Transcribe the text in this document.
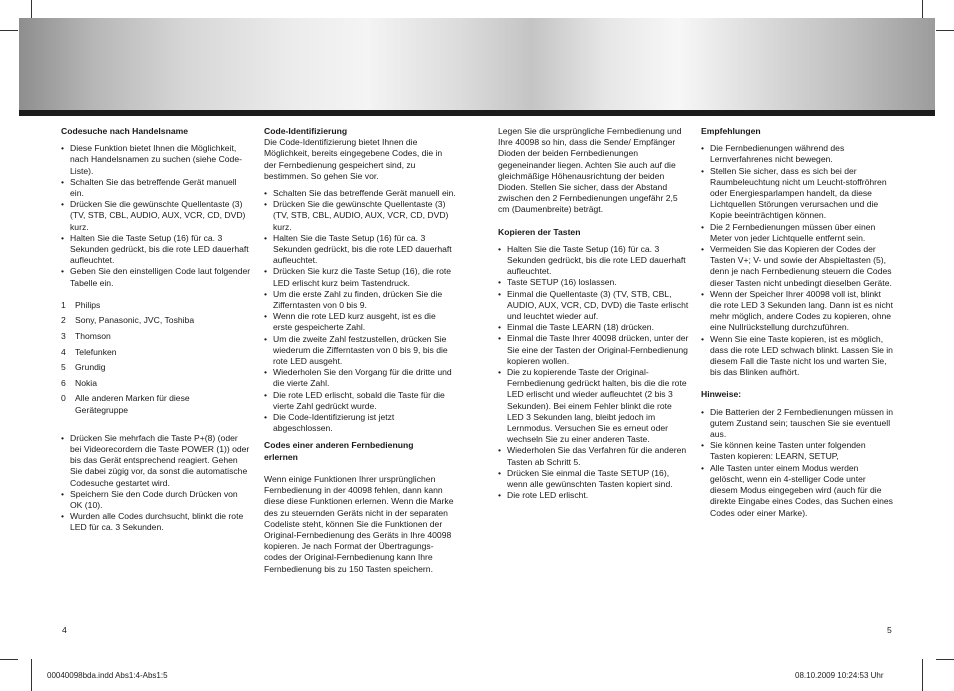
Codesuche nach Handelsname
• Diese Funktion bietet Ihnen die Möglichkeit, nach Handelsnamen zu suchen (siehe Code-Liste).
• Schalten Sie das betreffende Gerät manuell ein.
• Drücken Sie die gewünschte Quellentaste (3) (TV, STB, CBL, AUDIO, AUX, VCR, CD, DVD) kurz.
• Halten Sie die Taste Setup (16) für ca. 3 Sekunden gedrückt, bis die rote LED dauerhaft aufleuchtet.
• Geben Sie den einstelligen Code laut folgender Tabelle ein.
1	Philips
2	Sony, Panasonic, JVC, Toshiba
3	Thomson
4	Telefunken
5	Grundig
6	Nokia
0	Alle anderen Marken für diese Gerätegruppe
• Drücken Sie mehrfach die Taste P+(8) (oder bei Videorecordern die Taste POWER (1)) oder bis das Gerät entsprechend reagiert. Gehen Sie dabei zügig vor, da sonst die automatische Codesuche gestartet wird.
• Speichern Sie den Code durch Drücken von OK (10).
• Wurden alle Codes durchsucht, blinkt die rote LED für ca. 3 Sekunden.
Code-Identifizierung

Die Code-Identifizierung bietet Ihnen die Möglichkeit, bereits eingegebene Codes, die in der Fernbedienung gespeichert sind, zu bestimmen. So gehen Sie vor.

• Schalten Sie das betreffende Gerät manuell ein.
• Drücken Sie die gewünschte Quellentaste (3) (TV, STB, CBL, AUDIO, AUX, VCR, CD, DVD) kurz.
• Halten Sie die Taste Setup (16) für ca. 3 Sekunden gedrückt, bis die rote LED dauerhaft aufleuchtet.
• Drücken Sie kurz die Taste Setup (16), die rote LED erlischt kurz beim Tastendruck.
• Um die erste Zahl zu finden, drücken Sie die Zifferntasten von 0 bis 9.
• Wenn die rote LED kurz ausgeht, ist es die erste gespeicherte Zahl.
• Um die zweite Zahl festzustellen, drücken Sie wiederum die Zifferntasten von 0 bis 9, bis die rote LED ausgeht.
• Wiederholen Sie den Vorgang für die dritte und die vierte Zahl.
• Die rote LED erlischt, sobald die Taste für die vierte Zahl gedrückt wurde.
• Die Code-Identifizierung ist jetzt abgeschlossen.
Codes einer anderen Fernbedienung erlernen

Wenn einige Funktionen Ihrer ursprünglichen Fernbedienung in der 40098 fehlen, dann kann diese diese Funktionen erlernen. Wenn die Marke des zu steuernden Geräts nicht in der separaten Codeliste steht, können Sie die Funktionen der Original-Fernbedienung des Geräts in Ihre 40098 kopieren. Je nach Format der Übertragungs-codes der Original-Fernbedienung kann Ihre Fernbedienung bis zu 150 Tasten speichern.

Legen Sie die ursprüngliche Fernbedienung und Ihre 40098 so hin, dass die Sende/ Empfänger Dioden der beiden Fernbedienungen gegeneinander liegen. Achten Sie auch auf die gleichmäßige Höhenausrichtung der beiden Dioden. Stellen Sie sicher, dass der Abstand zwischen den 2 Fernbedienungen ungefähr 2,5 cm (Daumenbreite) beträgt.

Kopieren der Tasten
• Halten Sie die Taste Setup (16) für ca. 3 Sekunden gedrückt, bis die rote LED dauerhaft aufleuchtet.
• Taste SETUP (16) loslassen.
• Einmal die Quellentaste (3) (TV, STB, CBL, AUDIO, AUX, VCR, CD, DVD) die Taste erlischt und leuchtet wieder auf.
• Einmal die Taste LEARN (18) drücken.
• Einmal die Taste Ihrer 40098 drücken, unter der Sie eine der Tasten der Original-Fernbedienung kopieren wollen.
• Die zu kopierende Taste der Original-Fernbedienung gedrückt halten, bis die die rote LED erlischt und wieder aufleuchtet (2 bis 3 Sekunden). Bei einem Fehler blinkt die rote LED 3 Sekunden lang, bleibt jedoch im Lernmodus. Versuchen Sie es erneut oder wechseln Sie zu einer anderen Taste.
• Wiederholen Sie das Verfahren für die anderen Tasten ab Schritt 5.
• Drücken Sie einmal die Taste SETUP (16), wenn alle gewünschten Tasten kopiert sind.
• Die rote LED erlischt.
Empfehlungen
• Die Fernbedienungen während des Lernverfahrenes nicht bewegen.
• Stellen Sie sicher, dass es sich bei der Raumbeleuchtung nicht um Leucht-stoffröhren oder Energiesparlampen handelt, da diese Lichtquellen Störungen verursachen und die Kopie beeinträchtigen können.
• Die 2 Fernbedienungen müssen über einen Meter von jeder Lichtquelle entfernt sein.
• Vermeiden Sie das Kopieren der Codes der Tasten V+; V- und sowie der Abspieltasten (5), denn je nach Fernbedienung steuern die Codes dieser Tasten nicht unbedingt dieselben Geräte.
• Wenn der Speicher Ihrer 40098 voll ist, blinkt die rote LED 3 Sekunden lang. Dann ist es nicht mehr möglich, andere Codes zu kopieren, ohne eine Nullrückstellung durchzuführen.
• Wenn Sie eine Taste kopieren, ist es möglich, dass die rote LED schwach blinkt. Lassen Sie in diesem Fall die Taste nicht los und warten Sie, bis das Blinken aufhört.
Hinweise:
• Die Batterien der 2 Fernbedienungen müssen in gutem Zustand sein; tauschen Sie sie eventuell aus.
• Sie können keine Tasten unter folgenden Tasten kopieren: LEARN, SETUP,
• Alle Tasten unter einem Modus werden gelöscht, wenn ein 4-stelliger Code unter diesem Modus eingegeben wird (auch für die direkte Eingabe eines Codes, das Suchen eines Codes oder einer Marke).
4	5
00040098bda.indd Abs1:4-Abs1:5	08.10.2009 10:24:53 Uhr
